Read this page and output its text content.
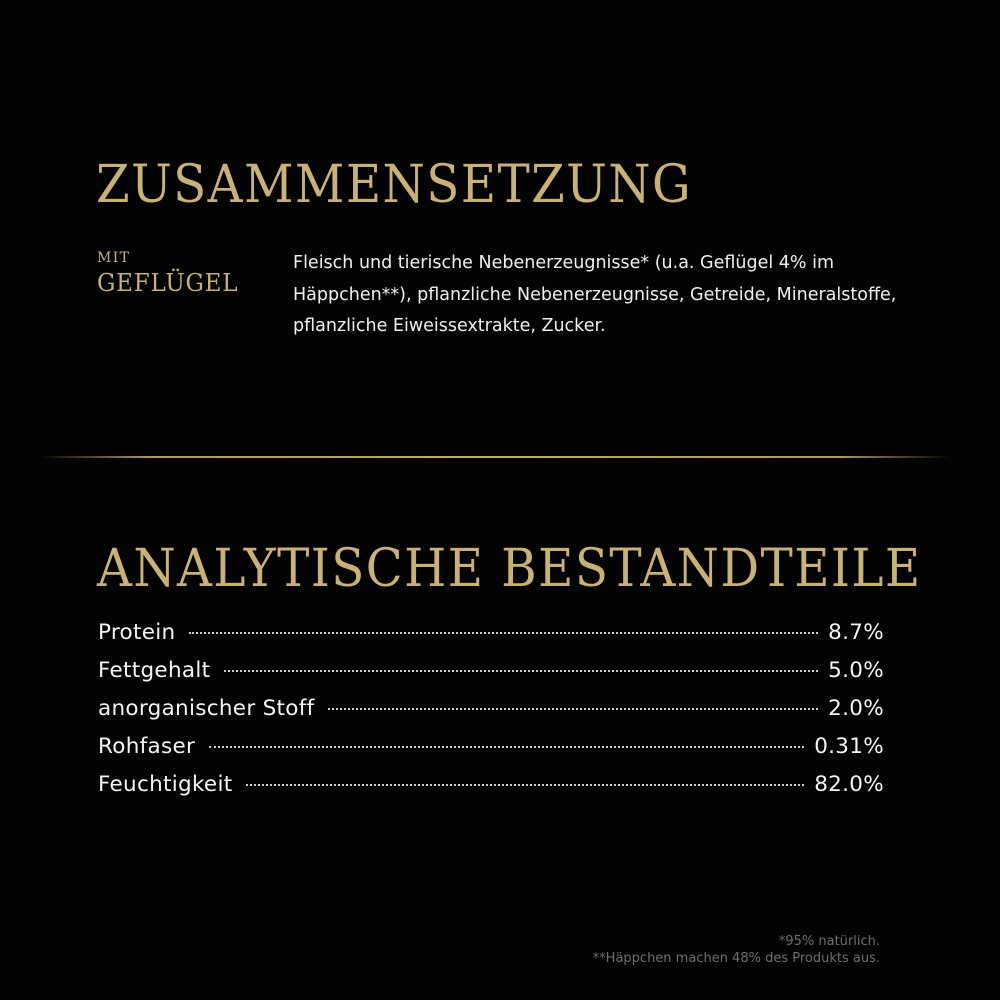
ZUSAMMENSETZUNG
MIT
GEFLÜGEL

Fleisch und tierische Nebenerzeugnisse* (u.a. Geflügel 4% im Häppchen**), pflanzliche Nebenerzeugnisse, Getreide, Mineralstoffe, pflanzliche Eiweissextrakte, Zucker.

ANALYTISCHE BESTANDTEILE
Protein	8.7%
Fettgehalt	5.0%
anorganischer Stoff	2.0%
Rohfaser	0.31%
Feuchtigkeit	82.0%
*95% natürlich.
**Häppchen machen 48% des Produkts aus.
